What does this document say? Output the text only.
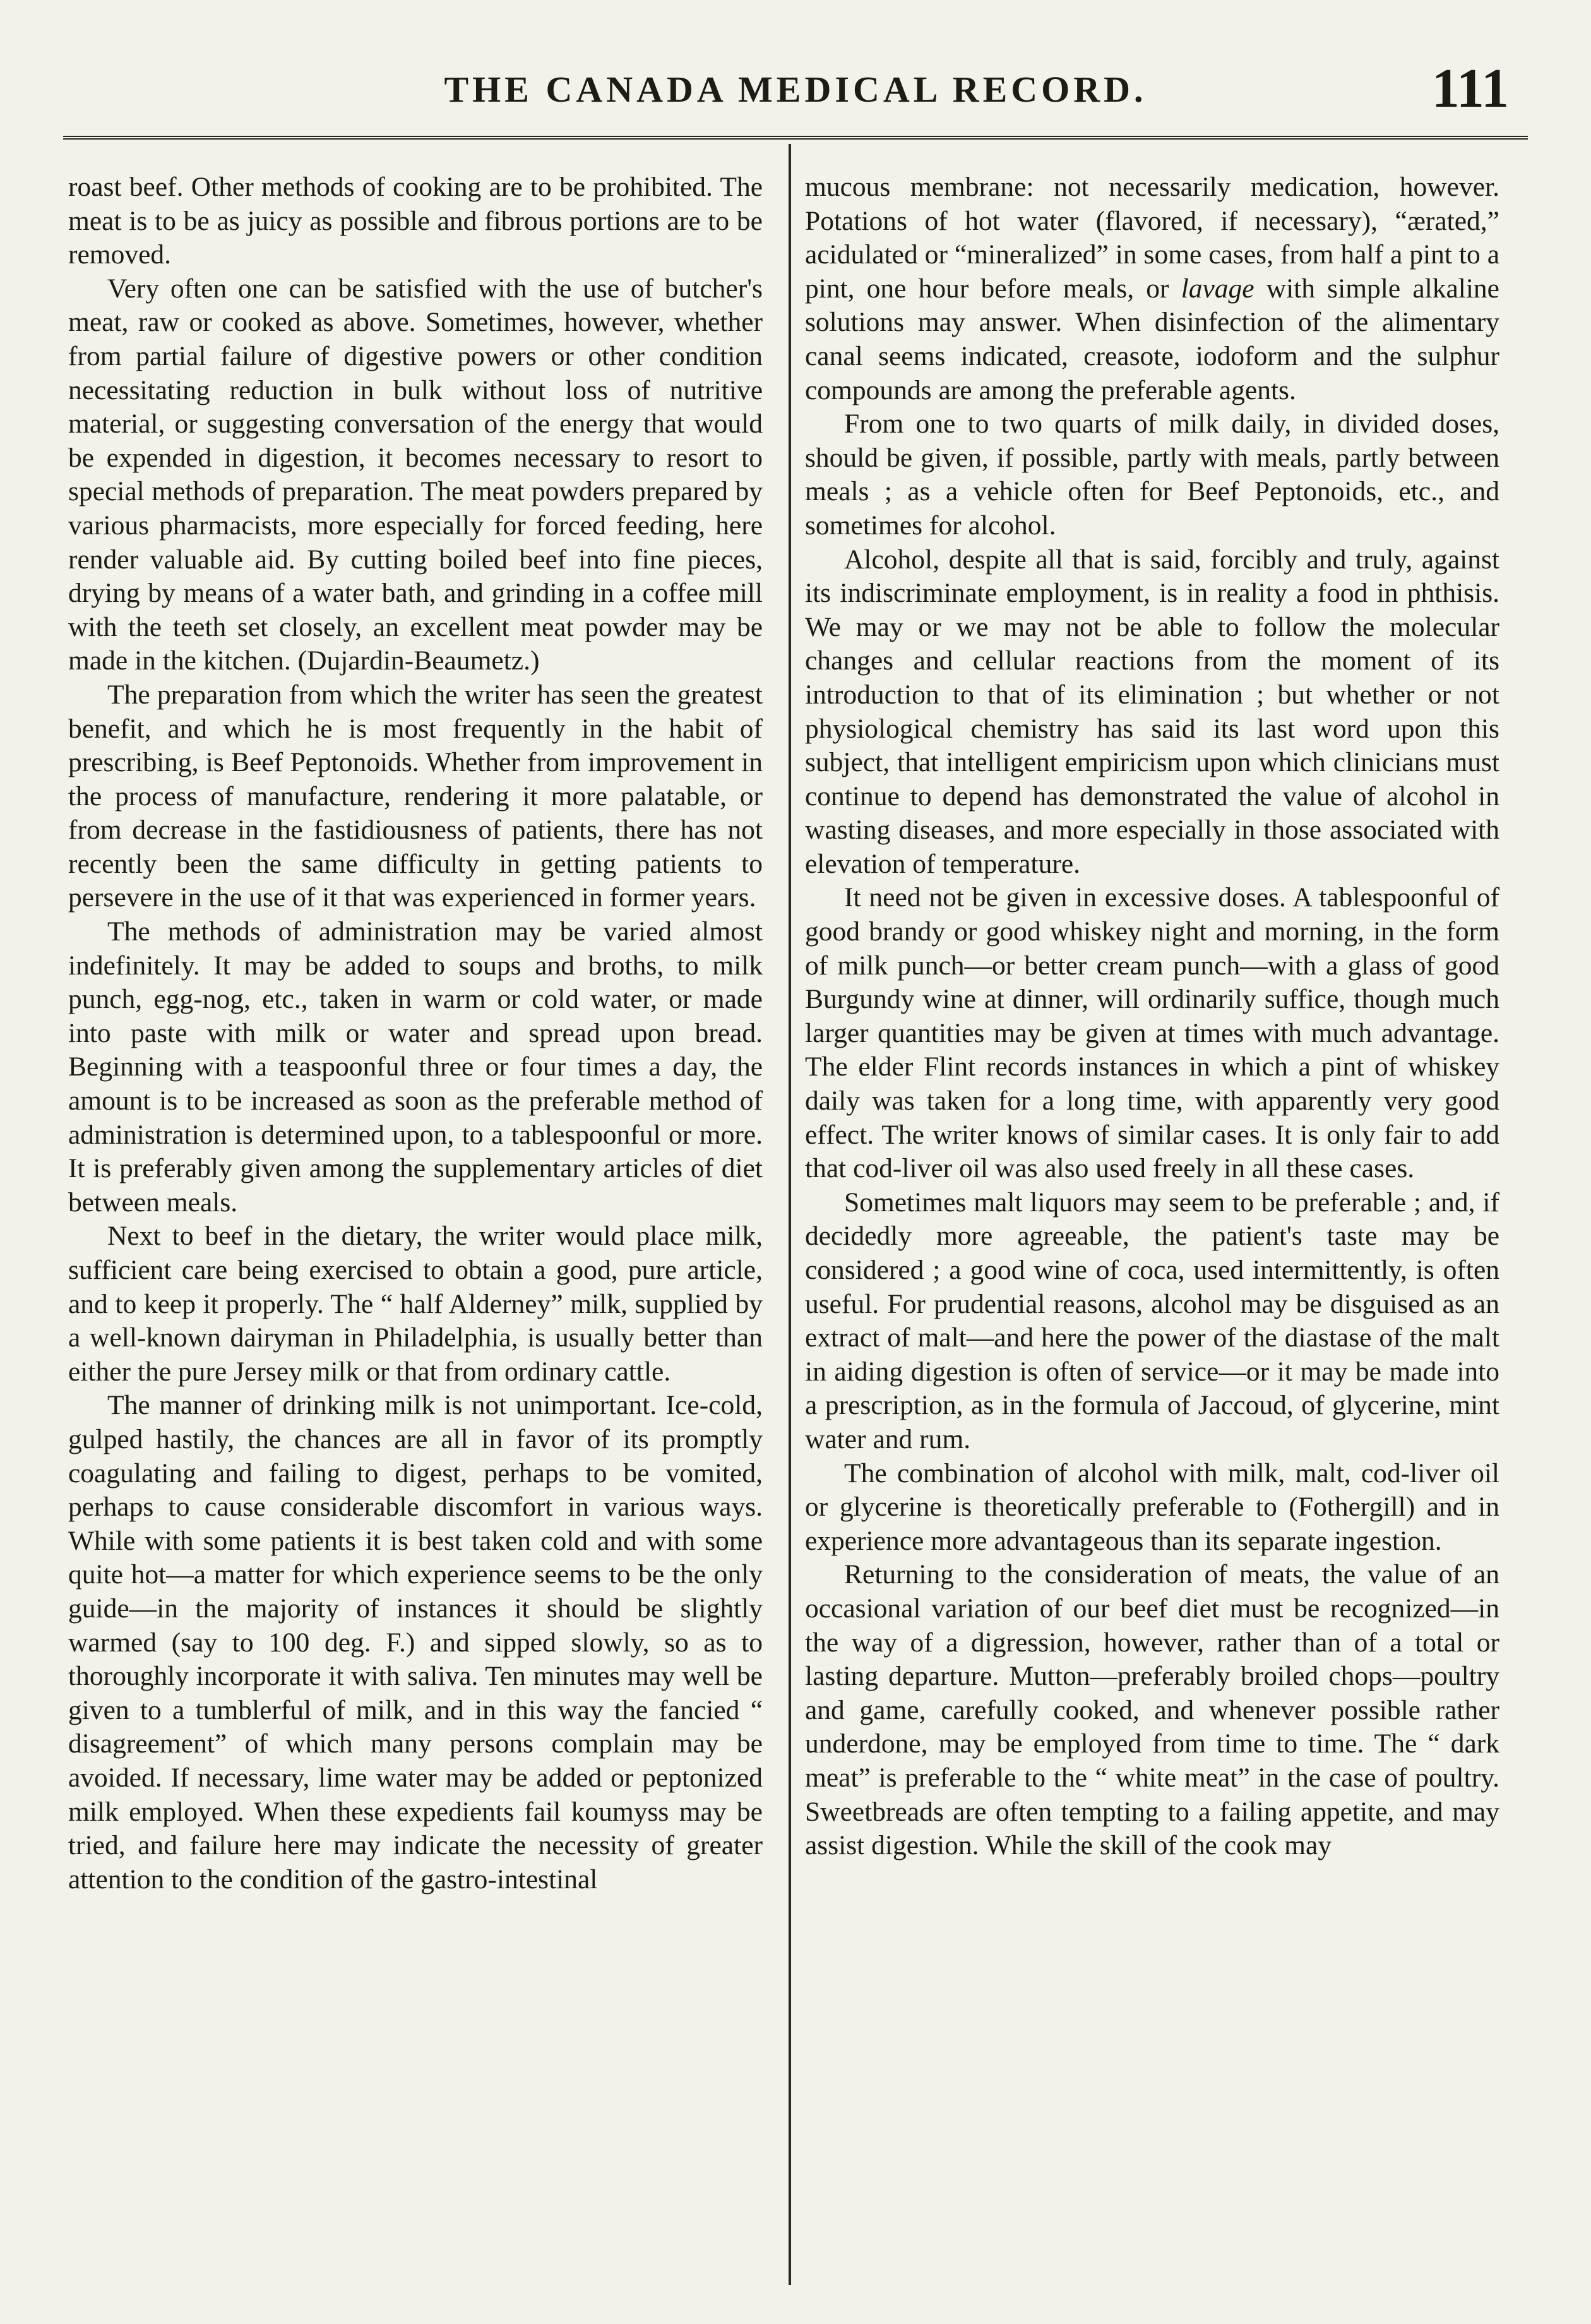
THE CANADA MEDICAL RECORD.	111

roast beef. Other methods of cooking are to be prohibited. The meat is to be as juicy as possible and fibrous portions are to be removed.

Very often one can be satisfied with the use of butcher's meat, raw or cooked as above. Sometimes, however, whether from partial failure of digestive powers or other condition necessitating reduction in bulk without loss of nutritive material, or suggesting conversation of the energy that would be expended in digestion, it becomes necessary to resort to special methods of preparation. The meat powders prepared by various pharmacists, more especially for forced feeding, here render valuable aid. By cutting boiled beef into fine pieces, drying by means of a water bath, and grinding in a coffee mill with the teeth set closely, an excellent meat powder may be made in the kitchen. (Dujardin-Beaumetz.)

The preparation from which the writer has seen the greatest benefit, and which he is most frequently in the habit of prescribing, is Beef Peptonoids. Whether from improvement in the process of manufacture, rendering it more palatable, or from decrease in the fastidiousness of patients, there has not recently been the same difficulty in getting patients to persevere in the use of it that was experienced in former years.

The methods of administration may be varied almost indefinitely. It may be added to soups and broths, to milk punch, egg-nog, etc., taken in warm or cold water, or made into paste with milk or water and spread upon bread. Beginning with a teaspoonful three or four times a day, the amount is to be increased as soon as the preferable method of administration is determined upon, to a tablespoonful or more. It is preferably given among the supplementary articles of diet between meals.

Next to beef in the dietary, the writer would place milk, sufficient care being exercised to obtain a good, pure article, and to keep it properly. The “ half Alderney” milk, supplied by a well-known dairyman in Philadelphia, is usually better than either the pure Jersey milk or that from ordinary cattle.

The manner of drinking milk is not unimportant. Ice-cold, gulped hastily, the chances are all in favor of its promptly coagulating and failing to digest, perhaps to be vomited, perhaps to cause considerable discomfort in various ways. While with some patients it is best taken cold and with some quite hot—a matter for which experience seems to be the only guide—in the majority of instances it should be slightly warmed (say to 100 deg. F.) and sipped slowly, so as to thoroughly incorporate it with saliva. Ten minutes may well be given to a tumblerful of milk, and in this way the fancied “ disagreement” of which many persons complain may be avoided. If necessary, lime water may be added or peptonized milk employed. When these expedients fail koumyss may be tried, and failure here may indicate the necessity of greater attention to the condition of the gastro-intestinal

mucous membrane: not necessarily medication, however. Potations of hot water (flavored, if necessary), “ærated,” acidulated or “mineralized” in some cases, from half a pint to a pint, one hour before meals, or lavage with simple alkaline solutions may answer. When disinfection of the alimentary canal seems indicated, creasote, iodoform and the sulphur compounds are among the preferable agents.

From one to two quarts of milk daily, in divided doses, should be given, if possible, partly with meals, partly between meals ; as a vehicle often for Beef Peptonoids, etc., and sometimes for alcohol.

Alcohol, despite all that is said, forcibly and truly, against its indiscriminate employment, is in reality a food in phthisis. We may or we may not be able to follow the molecular changes and cellular reactions from the moment of its introduction to that of its elimination ; but whether or not physiological chemistry has said its last word upon this subject, that intelligent empiricism upon which clinicians must continue to depend has demonstrated the value of alcohol in wasting diseases, and more especially in those associated with elevation of temperature.

It need not be given in excessive doses. A tablespoonful of good brandy or good whiskey night and morning, in the form of milk punch—or better cream punch—with a glass of good Burgundy wine at dinner, will ordinarily suffice, though much larger quantities may be given at times with much advantage. The elder Flint records instances in which a pint of whiskey daily was taken for a long time, with apparently very good effect. The writer knows of similar cases. It is only fair to add that cod-liver oil was also used freely in all these cases.

Sometimes malt liquors may seem to be preferable ; and, if decidedly more agreeable, the patient's taste may be considered ; a good wine of coca, used intermittently, is often useful. For prudential reasons, alcohol may be disguised as an extract of malt—and here the power of the diastase of the malt in aiding digestion is often of service—or it may be made into a prescription, as in the formula of Jaccoud, of glycerine, mint water and rum.

The combination of alcohol with milk, malt, cod-liver oil or glycerine is theoretically preferable to (Fothergill) and in experience more advantageous than its separate ingestion.

Returning to the consideration of meats, the value of an occasional variation of our beef diet must be recognized—in the way of a digression, however, rather than of a total or lasting departure. Mutton—preferably broiled chops—poultry and game, carefully cooked, and whenever possible rather underdone, may be employed from time to time. The “ dark meat” is preferable to the “ white meat” in the case of poultry. Sweetbreads are often tempting to a failing appetite, and may assist digestion. While the skill of the cook may
